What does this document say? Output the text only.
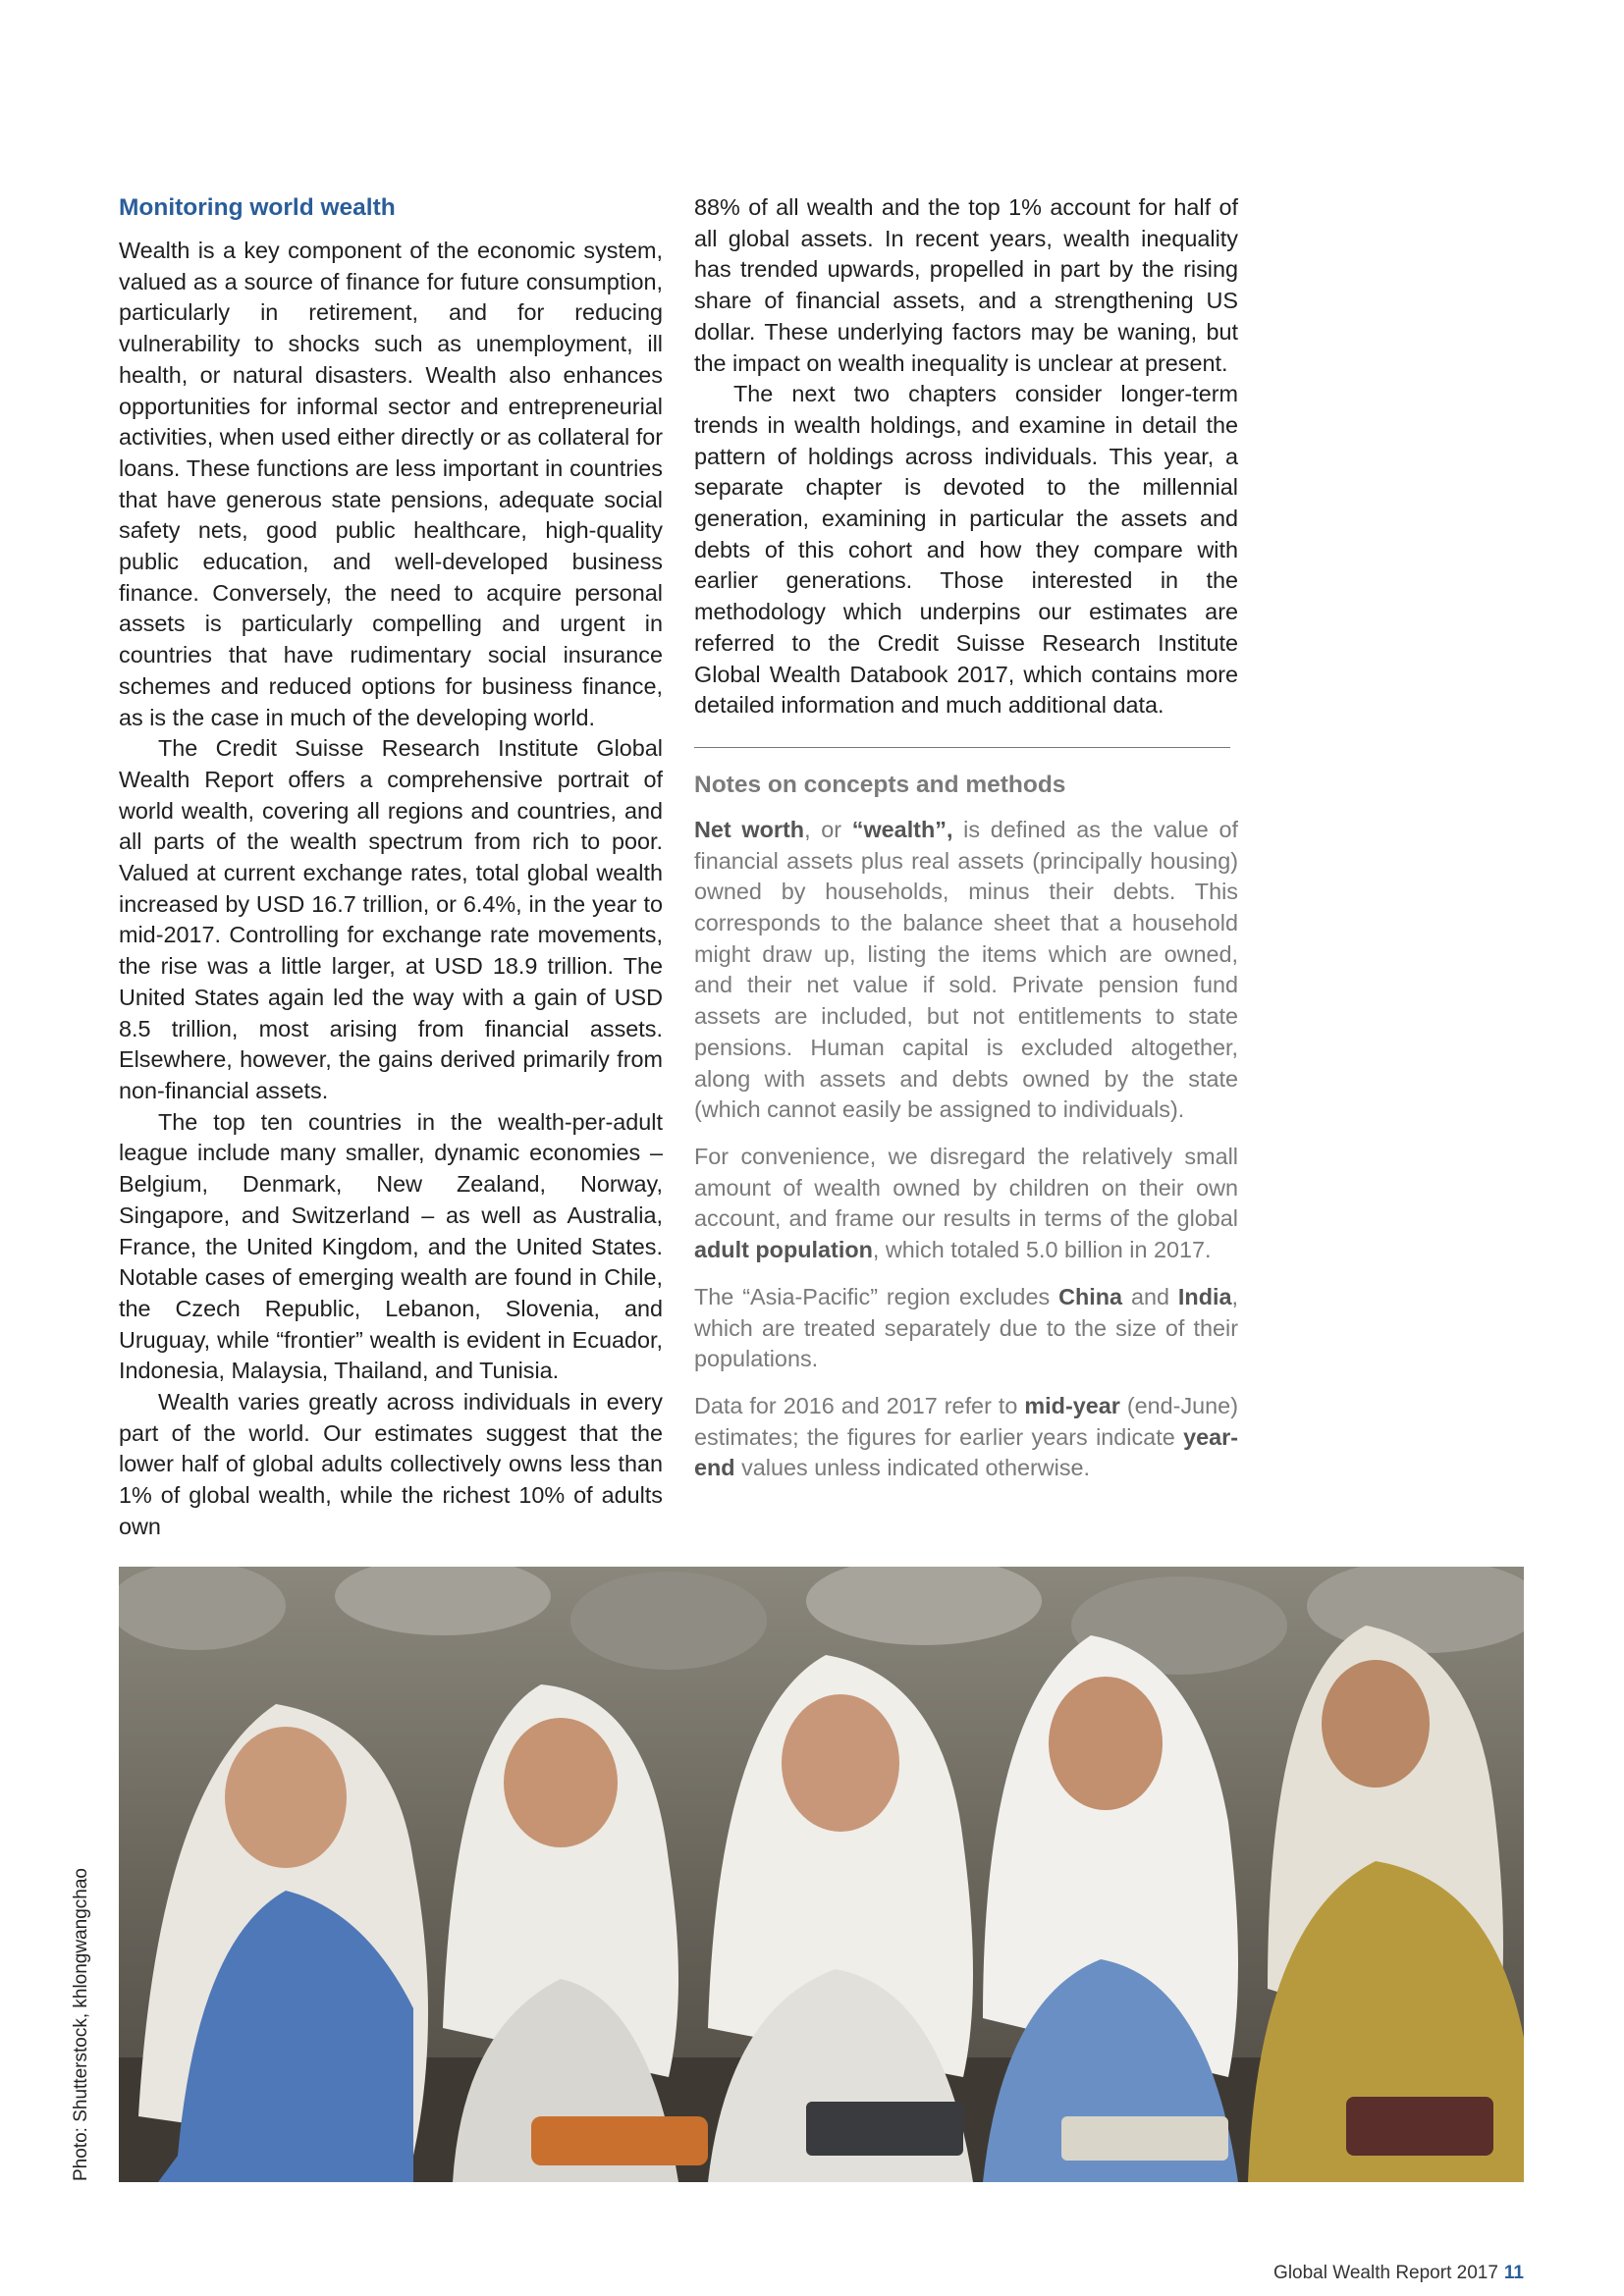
Monitoring world wealth

Wealth is a key component of the economic system, valued as a source of finance for future consumption, particularly in retirement, and for reducing vulnerability to shocks such as unemployment, ill health, or natural disasters. Wealth also enhances opportunities for informal sector and entrepreneurial activities, when used either directly or as collateral for loans. These functions are less important in countries that have generous state pensions, adequate social safety nets, good public healthcare, high-quality public education, and well-developed business finance. Conversely, the need to acquire personal assets is particularly compelling and urgent in countries that have rudimentary social insurance schemes and reduced options for business finance, as is the case in much of the developing world.

The Credit Suisse Research Institute Global Wealth Report offers a comprehensive portrait of world wealth, covering all regions and countries, and all parts of the wealth spectrum from rich to poor. Valued at current exchange rates, total global wealth increased by USD 16.7 trillion, or 6.4%, in the year to mid-2017. Controlling for exchange rate movements, the rise was a little larger, at USD 18.9 trillion. The United States again led the way with a gain of USD 8.5 trillion, most arising from financial assets. Elsewhere, however, the gains derived primarily from non-financial assets.

The top ten countries in the wealth-per-adult league include many smaller, dynamic economies – Belgium, Denmark, New Zealand, Norway, Singapore, and Switzerland – as well as Australia, France, the United Kingdom, and the United States. Notable cases of emerging wealth are found in Chile, the Czech Republic, Lebanon, Slovenia, and Uruguay, while “frontier” wealth is evident in Ecuador, Indonesia, Malaysia, Thailand, and Tunisia.

Wealth varies greatly across individuals in every part of the world. Our estimates suggest that the lower half of global adults collectively owns less than 1% of global wealth, while the richest 10% of adults own

88% of all wealth and the top 1% account for half of all global assets. In recent years, wealth inequality has trended upwards, propelled in part by the rising share of financial assets, and a strengthening US dollar. These underlying factors may be waning, but the impact on wealth inequality is unclear at present.

The next two chapters consider longer-term trends in wealth holdings, and examine in detail the pattern of holdings across individuals. This year, a separate chapter is devoted to the millennial generation, examining in particular the assets and debts of this cohort and how they compare with earlier generations. Those interested in the methodology which underpins our estimates are referred to the Credit Suisse Research Institute Global Wealth Databook 2017, which contains more detailed information and much additional data.

Notes on concepts and methods

Net worth, or “wealth”, is defined as the value of financial assets plus real assets (principally housing) owned by households, minus their debts. This corresponds to the balance sheet that a household might draw up, listing the items which are owned, and their net value if sold. Private pension fund assets are included, but not entitlements to state pensions. Human capital is excluded altogether, along with assets and debts owned by the state (which cannot easily be assigned to individuals).

For convenience, we disregard the relatively small amount of wealth owned by children on their own account, and frame our results in terms of the global adult population, which totaled 5.0 billion in 2017.

The “Asia-Pacific” region excludes China and India, which are treated separately due to the size of their populations.

Data for 2016 and 2017 refer to mid-year (end-June) estimates; the figures for earlier years indicate year-end values unless indicated otherwise.

Photo: Shutterstock, khlongwangchao
Global Wealth Report 2017 11
